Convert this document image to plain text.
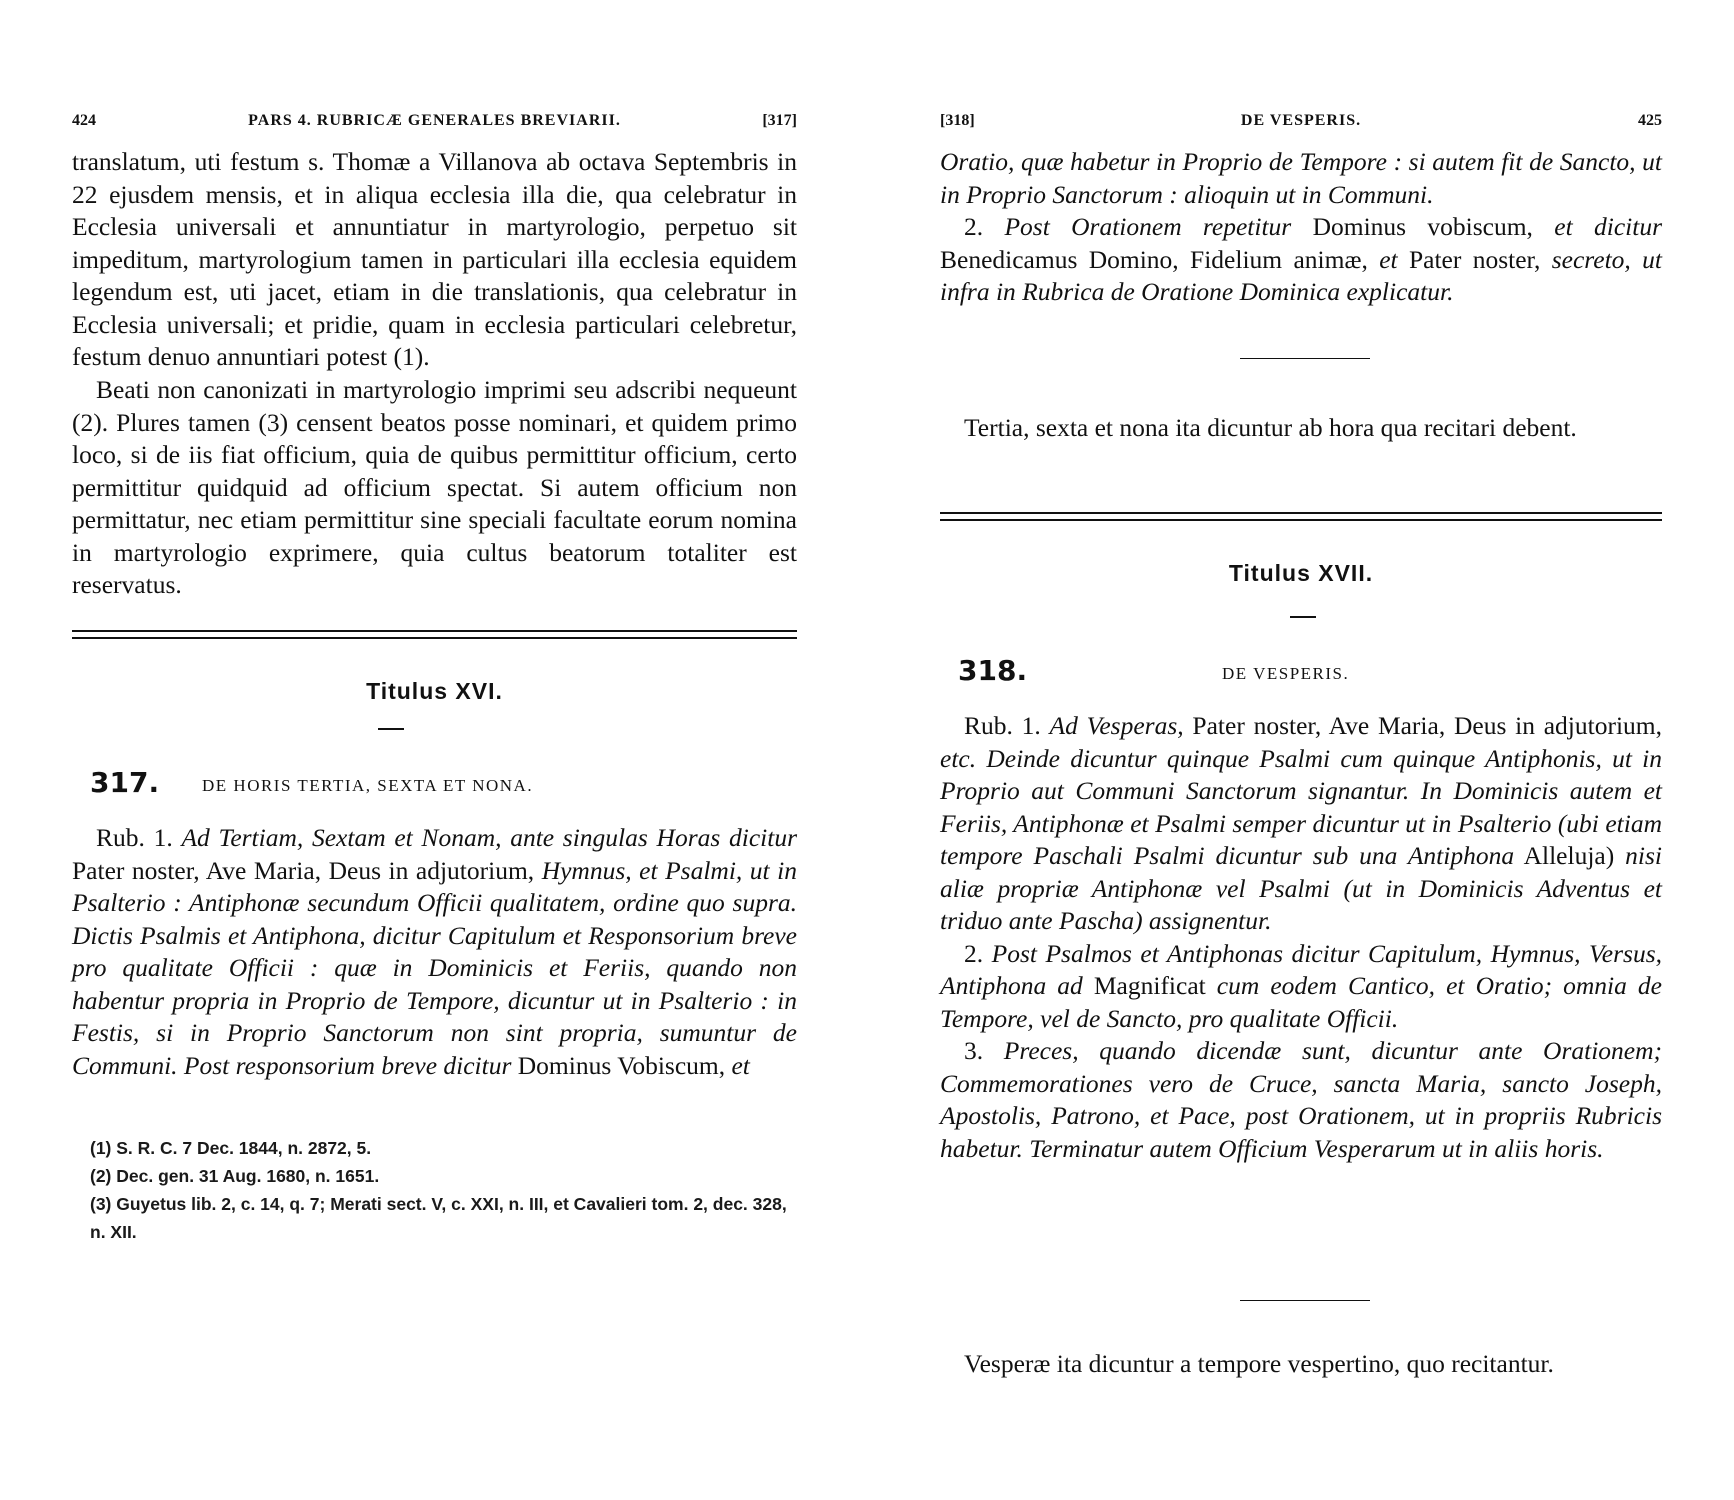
424	PARS 4. RUBRICÆ GENERALES BREVIARII.	[317]

translatum, uti festum s. Thomæ a Villanova ab octava Septembris in 22 ejusdem mensis, et in aliqua ecclesia illa die, qua celebratur in Ecclesia universali et annuntiatur in martyrologio, perpetuo sit impeditum, martyrologium tamen in particulari illa ecclesia equidem legendum est, uti jacet, etiam in die translationis, qua celebratur in Ecclesia universali; et pridie, quam in ecclesia particulari celebretur, festum denuo annuntiari potest (1).

Beati non canonizati in martyrologio imprimi seu adscribi nequeunt (2). Plures tamen (3) censent beatos posse nominari, et quidem primo loco, si de iis fiat officium, quia de quibus permittitur officium, certo permittitur quidquid ad officium spectat. Si autem officium non permittatur, nec etiam permittitur sine speciali facultate eorum nomina in martyrologio exprimere, quia cultus beatorum totaliter est reservatus.

Titulus XVI.
317.	DE HORIS TERTIA, SEXTA ET NONA.

Rub. 1. Ad Tertiam, Sextam et Nonam, ante singulas Horas dicitur Pater noster, Ave Maria, Deus in adjutorium, Hymnus, et Psalmi, ut in Psalterio : Antiphonæ secundum Officii qualitatem, ordine quo supra. Dictis Psalmis et Antiphona, dicitur Capitulum et Responsorium breve pro qualitate Officii : quæ in Dominicis et Feriis, quando non habentur propria in Proprio de Tempore, dicuntur ut in Psalterio : in Festis, si in Proprio Sanctorum non sint propria, sumuntur de Communi. Post responsorium breve dicitur Dominus Vobiscum, et

(1) S. R. C. 7 Dec. 1844, n. 2872, 5.
(2) Dec. gen. 31 Aug. 1680, n. 1651.
(3) Guyetus lib. 2, c. 14, q. 7; Merati sect. V, c. XXI, n. III, et Cavalieri tom. 2, dec. 328, n. XII.
[318]	DE VESPERIS.	425

Oratio, quæ habetur in Proprio de Tempore : si autem fit de Sancto, ut in Proprio Sanctorum : alioquin ut in Communi.
2. Post Orationem repetitur Dominus vobiscum, et dicitur Benedicamus Domino, Fidelium animæ, et Pater noster, secreto, ut infra in Rubrica de Oratione Dominica explicatur.

Tertia, sexta et nona ita dicuntur ab hora qua recitari debent.

Titulus XVII.
318.	DE VESPERIS.

Rub. 1. Ad Vesperas, Pater noster, Ave Maria, Deus in adjutorium, etc. Deinde dicuntur quinque Psalmi cum quinque Antiphonis, ut in Proprio aut Communi Sanctorum signantur. In Dominicis autem et Feriis, Antiphonæ et Psalmi semper dicuntur ut in Psalterio (ubi etiam tempore Paschali Psalmi dicuntur sub una Antiphona Alleluja) nisi aliæ propriæ Antiphonæ vel Psalmi (ut in Dominicis Adventus et triduo ante Pascha) assignentur.
2. Post Psalmos et Antiphonas dicitur Capitulum, Hymnus, Versus, Antiphona ad Magnificat cum eodem Cantico, et Oratio; omnia de Tempore, vel de Sancto, pro qualitate Officii.
3. Preces, quando dicendæ sunt, dicuntur ante Orationem; Commemorationes vero de Cruce, sancta Maria, sancto Joseph, Apostolis, Patrono, et Pace, post Orationem, ut in propriis Rubricis habetur. Terminatur autem Officium Vesperarum ut in aliis horis.

Vesperæ ita dicuntur a tempore vespertino, quo recitantur.
